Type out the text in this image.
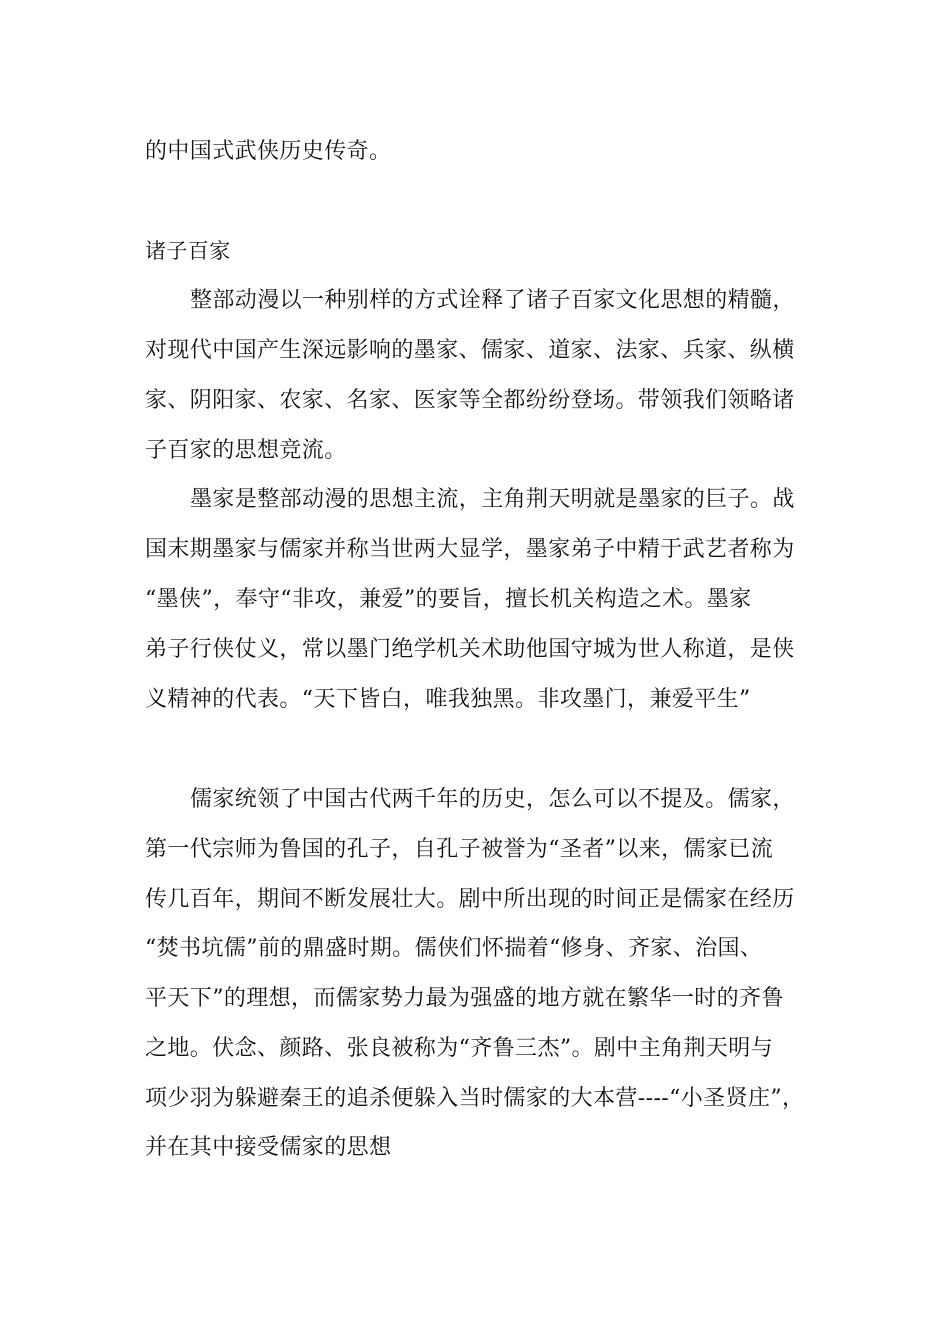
的中国式武侠历史传奇。
诸子百家
整部动漫以一种别样的方式诠释了诸子百家文化思想的精髓，
对现代中国产生深远影响的墨家、儒家、道家、法家、兵家、纵横
家、阴阳家、农家、名家、医家等全都纷纷登场。带领我们领略诸
子百家的思想竞流。
墨家是整部动漫的思想主流，主角荆天明就是墨家的巨子。战
国末期墨家与儒家并称当世两大显学，墨家弟子中精于武艺者称为
“墨侠”，奉守“非攻，兼爱”的要旨，擅长机关构造之术。墨家
弟子行侠仗义，常以墨门绝学机关术助他国守城为世人称道，是侠
义精神的代表。“天下皆白，唯我独黑。非攻墨门，兼爱平生”
儒家统领了中国古代两千年的历史，怎么可以不提及。儒家，
第一代宗师为鲁国的孔子，自孔子被誉为“圣者”以来，儒家已流
传几百年，期间不断发展壮大。剧中所出现的时间正是儒家在经历
“焚书坑儒”前的鼎盛时期。儒侠们怀揣着“修身、齐家、治国、
平天下”的理想，而儒家势力最为强盛的地方就在繁华一时的齐鲁
之地。伏念、颜路、张良被称为“齐鲁三杰”。剧中主角荆天明与
项少羽为躲避秦王的追杀便躲入当时儒家的大本营----“小圣贤庄”，
并在其中接受儒家的思想
